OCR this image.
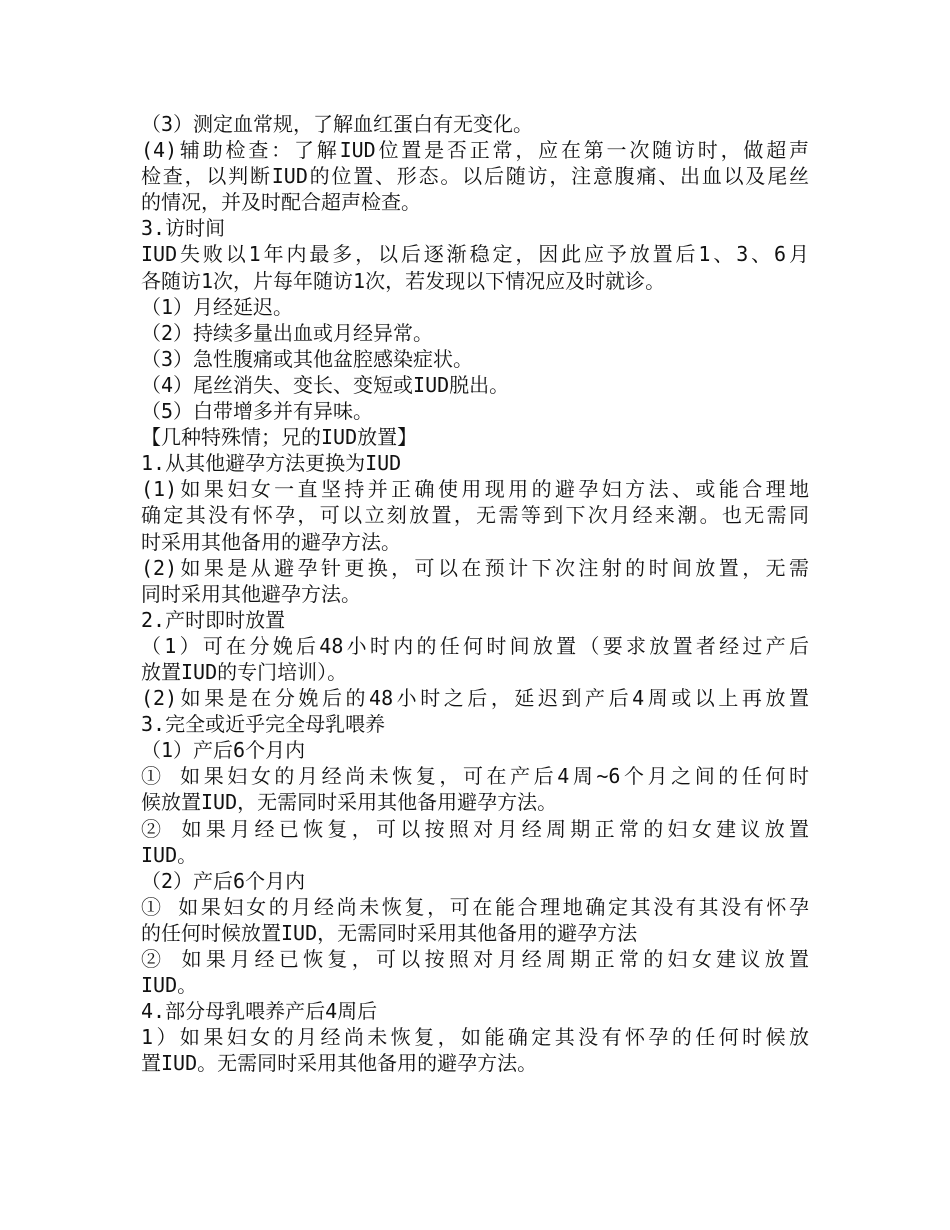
（3）测定血常规，了解血红蛋白有无变化。
(4)辅助检查：了解IUD位置是否正常，应在第一次随访时，做超声
检查，以判断IUD的位置、形态。以后随访，注意腹痛、出血以及尾丝
的情况，并及时配合超声检查。
3.访时间
IUD失败以1年内最多，以后逐渐稳定，因此应予放置后1、3、6月
各随访1次，片每年随访1次，若发现以下情况应及时就诊。
（1）月经延迟。
（2）持续多量出血或月经异常。
（3）急性腹痛或其他盆腔感染症状。
（4）尾丝消失、变长、变短或IUD脱出。
（5）白带增多并有异味。
【几种特殊情；兄的IUD放置】
1.从其他避孕方法更换为IUD
(1)如果妇女一直坚持并正确使用现用的避孕妇方法、或能合理地
确定其没有怀孕，可以立刻放置，无需等到下次月经来潮。也无需同
时采用其他备用的避孕方法。
(2)如果是从避孕针更换，可以在预计下次注射的时间放置，无需
同时采用其他避孕方法。
2.产时即时放置
（1）可在分娩后48小时内的任何时间放置（要求放置者经过产后
放置IUD的专门培训）。
(2)如果是在分娩后的48小时之后，延迟到产后4周或以上再放置
3.完全或近乎完全母乳喂养
（1）产后6个月内
① 如果妇女的月经尚未恢复，可在产后4周~6个月之间的任何时
候放置IUD，无需同时采用其他备用避孕方法。
② 如果月经已恢复，可以按照对月经周期正常的妇女建议放置
IUD。
（2）产后6个月内
① 如果妇女的月经尚未恢复，可在能合理地确定其没有其没有怀孕
的任何时候放置IUD，无需同时采用其他备用的避孕方法
② 如果月经已恢复，可以按照对月经周期正常的妇女建议放置
IUD。
4.部分母乳喂养产后4周后
1）如果妇女的月经尚未恢复，如能确定其没有怀孕的任何时候放
置IUD。无需同时采用其他备用的避孕方法。
